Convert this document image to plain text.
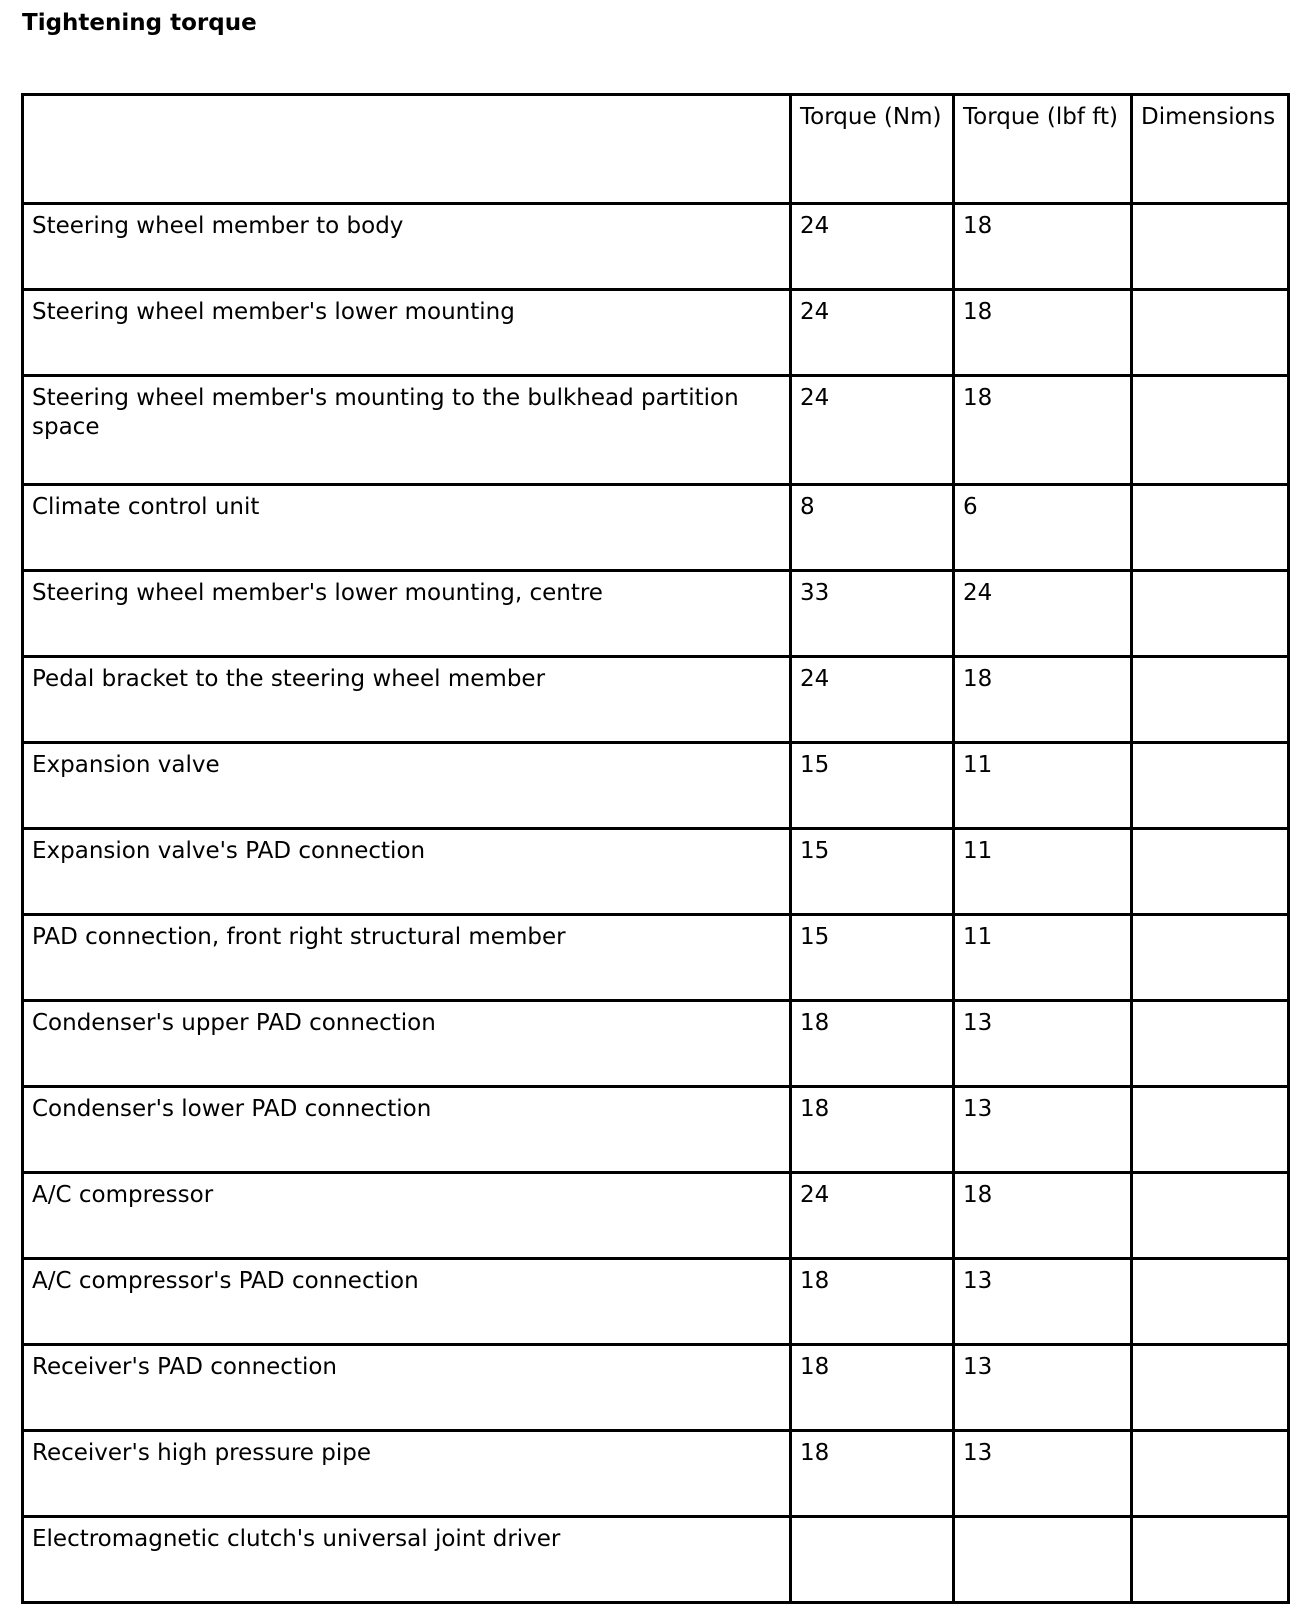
Tightening torque
	Torque (Nm)	Torque (lbf ft)	Dimensions
Steering wheel member to body	24	18	
Steering wheel member's lower mounting	24	18	
Steering wheel member's mounting to the bulkhead partition space	24	18	
Climate control unit	8	6	
Steering wheel member's lower mounting, centre	33	24	
Pedal bracket to the steering wheel member	24	18	
Expansion valve	15	11	
Expansion valve's PAD connection	15	11	
PAD connection, front right structural member	15	11	
Condenser's upper PAD connection	18	13	
Condenser's lower PAD connection	18	13	
A/C compressor	24	18	
A/C compressor's PAD connection	18	13	
Receiver's PAD connection	18	13	
Receiver's high pressure pipe	18	13	
Electromagnetic clutch's universal joint driver			
